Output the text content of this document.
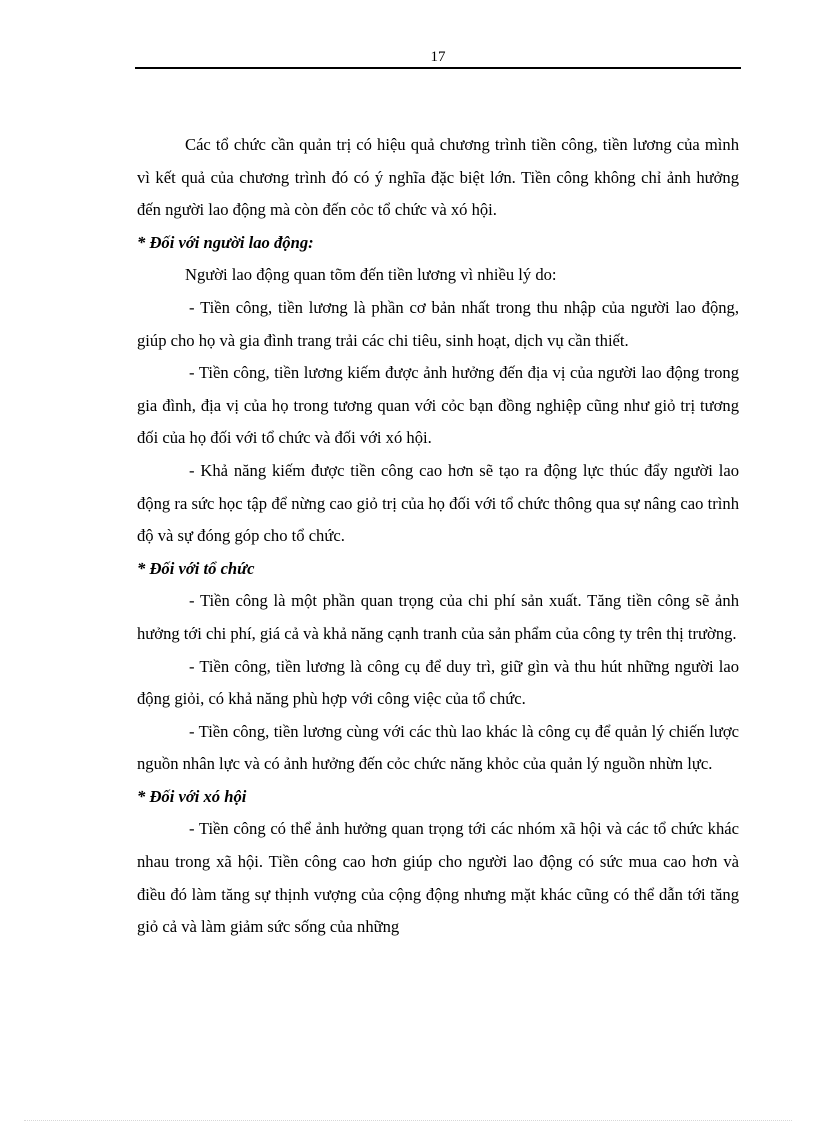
17

Các tổ chức cần quản trị có hiệu quả chương trình tiền công, tiền lương của mình vì kết quả của chương trình đó có ý nghĩa đặc biệt lớn. Tiền công không chỉ ảnh hưởng đến người lao động mà còn đến cỏc tổ chức và xó hội.

* Đối với người lao động:

Người lao động quan tõm đến tiền lương vì nhiều lý do:

- Tiền công, tiền lương là phần cơ bản nhất trong thu nhập của người lao động, giúp cho họ và gia đình trang trải các chi tiêu, sinh hoạt, dịch vụ cần thiết.

- Tiền công, tiền lương kiếm được ảnh hưởng đến địa vị của người lao động trong gia đình, địa vị của họ trong tương quan với cỏc bạn đồng nghiệp cũng như giỏ trị tương đối của họ đối với tổ chức và đối với xó hội.

- Khả năng kiếm được tiền công cao hơn sẽ tạo ra động lực thúc đẩy người lao động ra sức học tập để nừng cao giỏ trị của họ đối với tổ chức thông qua sự nâng cao trình độ và sự đóng góp cho tổ chức.

* Đối với tổ chức

- Tiền công là một phần quan trọng của chi phí sản xuất. Tăng tiền công sẽ ảnh hưởng tới chi phí, giá cả và khả năng cạnh tranh của sản phẩm của công ty trên thị trường.

- Tiền công, tiền lương là công cụ để duy trì, giữ gìn và thu hút những người lao động giỏi, có khả năng phù hợp với công việc của tổ chức.

- Tiền công, tiền lương cùng với các thù lao khác là công cụ để quản lý chiến lược nguồn nhân lực và có ảnh hưởng đến cỏc chức năng khỏc của quản lý nguồn nhừn lực.

* Đối với xó hội

- Tiền công có thể ảnh hưởng quan trọng tới các nhóm xã hội và các tổ chức khác nhau trong xã hội. Tiền công cao hơn giúp cho người lao động có sức mua cao hơn và điều đó làm tăng sự thịnh vượng của cộng động nhưng mặt khác cũng có thể dẫn tới tăng giỏ cả và làm giảm sức sống của những
